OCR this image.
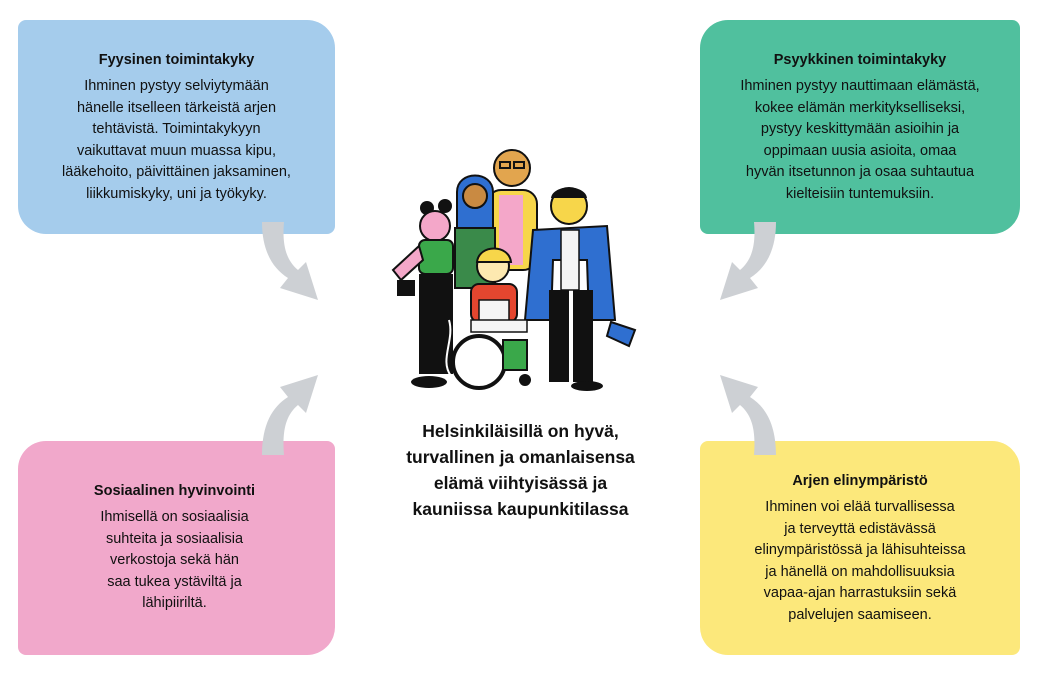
Fyysinen toimintakyky

Ihminen pystyy selviytymään
hänelle itselleen tärkeistä arjen
tehtävistä. Toimintakykyyn
vaikuttavat muun muassa kipu,
lääkehoito, päivittäinen jaksaminen,
liikkumiskyky, uni ja työkyky.

Psyykkinen toimintakyky

Ihminen pystyy nauttimaan elämästä,
kokee elämän merkitykselliseksi,
pystyy keskittymään asioihin ja
oppimaan uusia asioita, omaa
hyvän itsetunnon ja osaa suhtautua
kielteisiin tuntemuksiin.

Sosiaalinen hyvinvointi

Ihmisellä on sosiaalisia
suhteita ja sosiaalisia
verkostoja sekä hän
saa tukea ystäviltä ja
lähipiiriltä.

Arjen elinympäristö

Ihminen voi elää turvallisessa
ja terveyttä edistävässä
elinympäristössä ja lähisuhteissa
ja hänellä on mahdollisuuksia
vapaa-ajan harrastuksiin sekä
palvelujen saamiseen.

Helsinkiläisillä on hyvä,
turvallinen ja omanlaisensa
elämä viihtyisässä ja
kauniissa kaupunkitilassa
